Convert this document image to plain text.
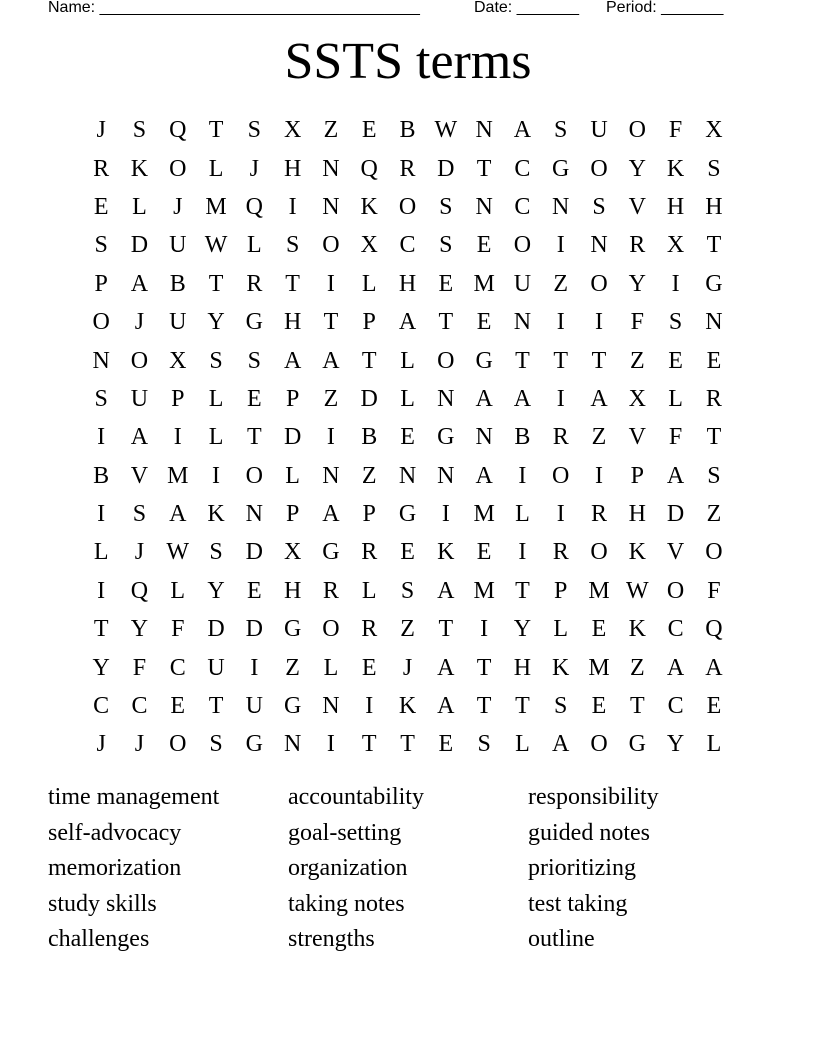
Name: ____________________________________	Date: _______ Period: _______
SSTS terms
J	S Q T	S X Z E B W N A S U O F X
R K O L	J	H N Q R D T C G O Y K S
E L	J M Q	I	N K O S N C N S V H H
S D U W L	S O X C S	E O	I	N R X T
P A B T R T	I	L H E M U Z O Y	I	G
O	J	U Y G H T	P A T E N	I	I	F	S N
N O X S	S A A T L O G T T T Z E E
S U P	L E	P	Z D L N A A	I	A X L R
I	A	I	L T D	I	B E G N B R Z V F	T
B V M I	O L N Z N N A	I	O	I	P A S
I	S A K N P A P G	I M L	I	R H D Z
L	J W S D X G R E K E	I	R O K V O
I	Q L Y E H R L	S A M T	P M W O F
T Y F D D G O R Z T	I	Y L E K C Q
Y F C U	I	Z L E	J	A T H K M Z A A
C C E T U G N	I	K A T T	S	E T C E
J	J	O S G N	I	T T E	S	L A O G Y L
time management	accountability	responsibility
self-advocacy	goal-setting	guided notes
memorization	organization	prioritizing
study skills	taking notes	test taking
challenges	strengths	outline
